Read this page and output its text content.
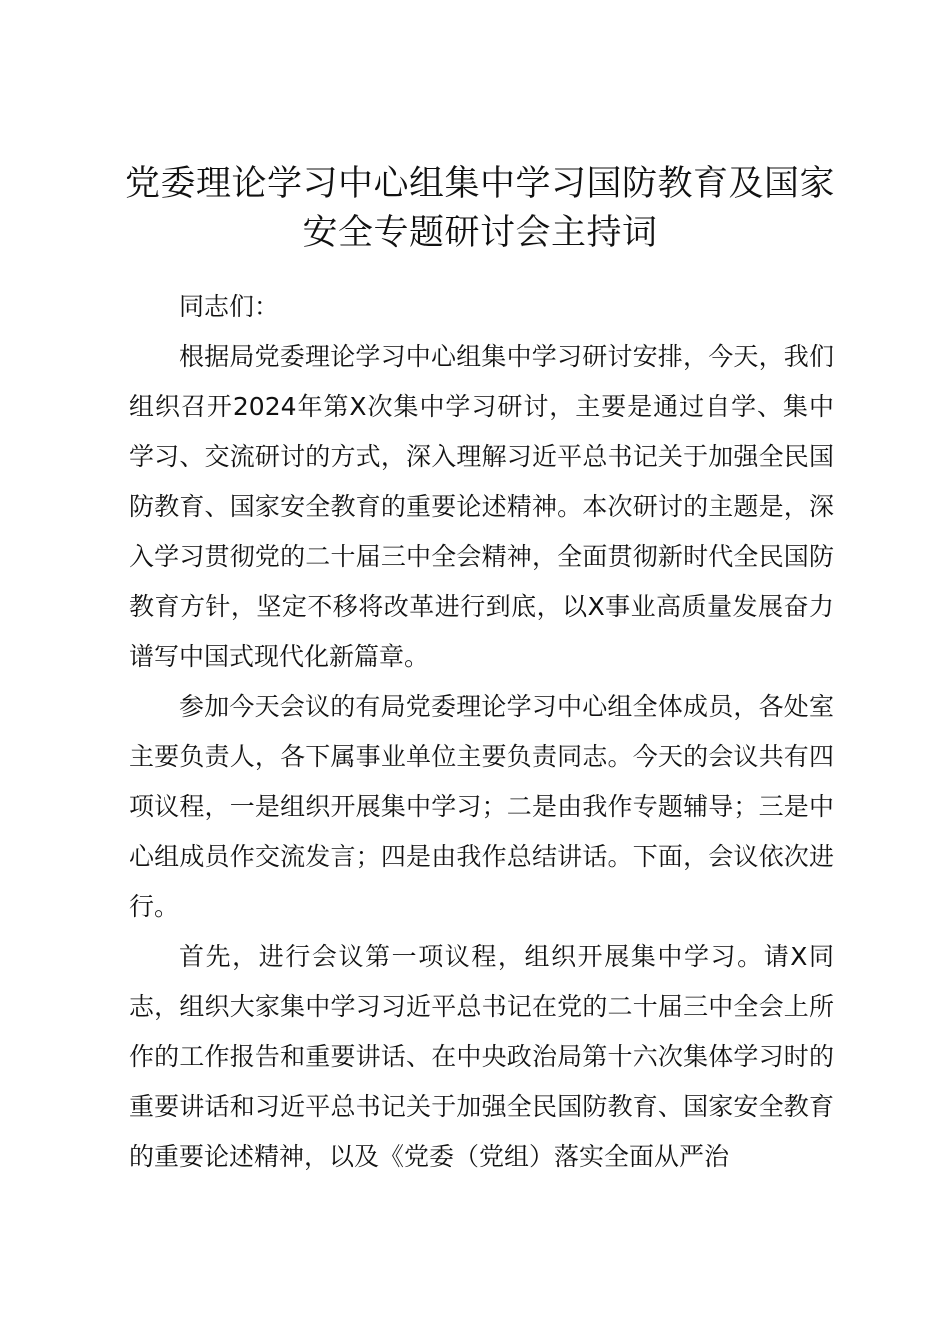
党委理论学习中心组集中学习国防教育及国家
安全专题研讨会主持词

同志们：

根据局党委理论学习中心组集中学习研讨安排，今天，我们组织召开2024年第X次集中学习研讨，主要是通过自学、集中学习、交流研讨的方式，深入理解习近平总书记关于加强全民国防教育、国家安全教育的重要论述精神。本次研讨的主题是，深入学习贯彻党的二十届三中全会精神，全面贯彻新时代全民国防教育方针，坚定不移将改革进行到底，以X事业高质量发展奋力谱写中国式现代化新篇章。

参加今天会议的有局党委理论学习中心组全体成员，各处室主要负责人，各下属事业单位主要负责同志。今天的会议共有四项议程，一是组织开展集中学习；二是由我作专题辅导；三是中心组成员作交流发言；四是由我作总结讲话。下面，会议依次进行。

首先，进行会议第一项议程，组织开展集中学习。请X同志，组织大家集中学习习近平总书记在党的二十届三中全会上所作的工作报告和重要讲话、在中央政治局第十六次集体学习时的重要讲话和习近平总书记关于加强全民国防教育、国家安全教育的重要论述精神，以及《党委（党组）落实全面从严治
